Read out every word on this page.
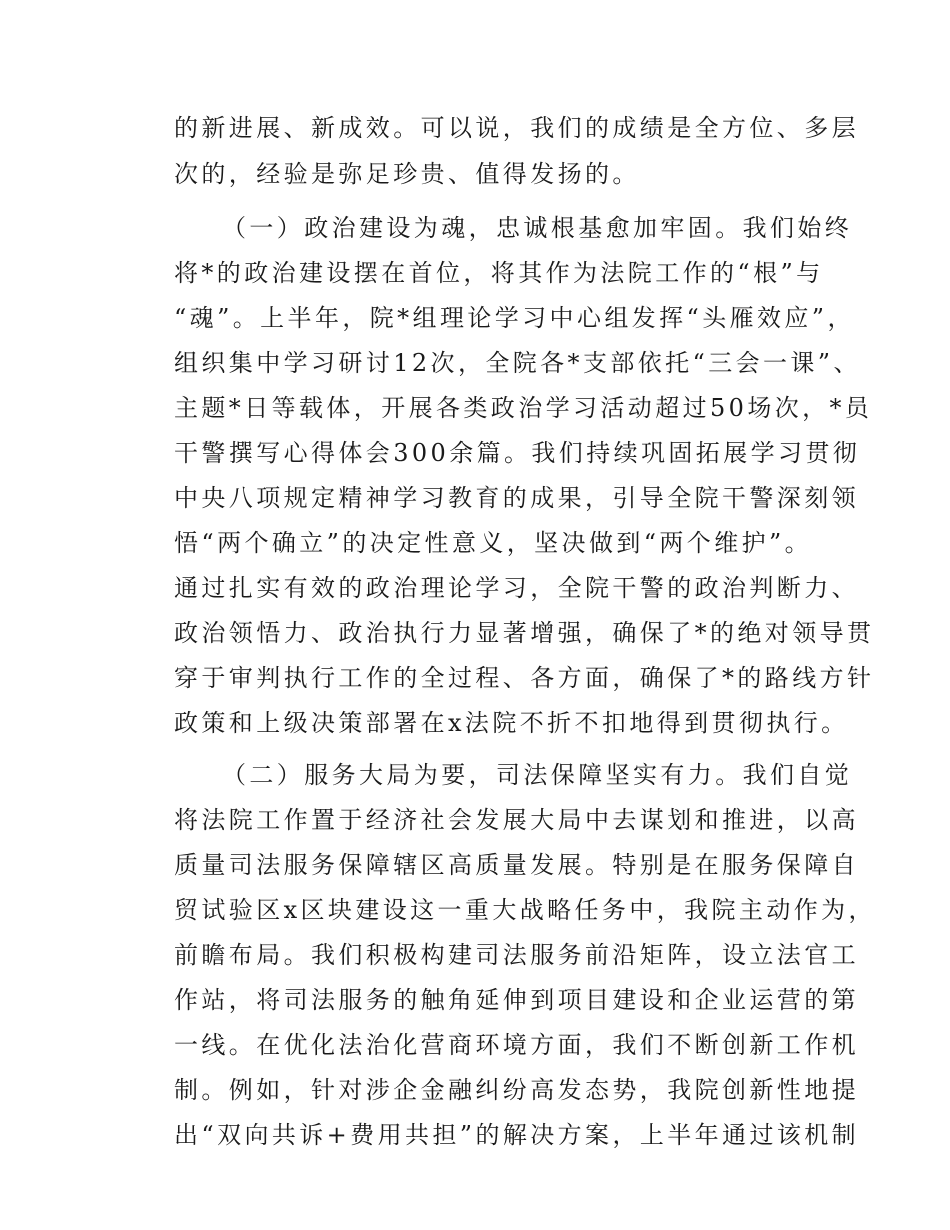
的新进展、新成效。可以说，我们的成绩是全方位、多层
次的，经验是弥足珍贵、值得发扬的。
（一）政治建设为魂，忠诚根基愈加牢固。我们始终
将*的政治建设摆在首位，将其作为法院工作的“根”与
“魂”。上半年，院*组理论学习中心组发挥“头雁效应”，
组织集中学习研讨12次，全院各*支部依托“三会一课”、
主题*日等载体，开展各类政治学习活动超过50场次，*员
干警撰写心得体会300余篇。我们持续巩固拓展学习贯彻
中央八项规定精神学习教育的成果，引导全院干警深刻领
悟“两个确立”的决定性意义，坚决做到“两个维护”。
通过扎实有效的政治理论学习，全院干警的政治判断力、
政治领悟力、政治执行力显著增强，确保了*的绝对领导贯
穿于审判执行工作的全过程、各方面，确保了*的路线方针
政策和上级决策部署在x法院不折不扣地得到贯彻执行。
（二）服务大局为要，司法保障坚实有力。我们自觉
将法院工作置于经济社会发展大局中去谋划和推进，以高
质量司法服务保障辖区高质量发展。特别是在服务保障自
贸试验区x区块建设这一重大战略任务中，我院主动作为，
前瞻布局。我们积极构建司法服务前沿矩阵，设立法官工
作站，将司法服务的触角延伸到项目建设和企业运营的第
一线。在优化法治化营商环境方面，我们不断创新工作机
制。例如，针对涉企金融纠纷高发态势，我院创新性地提
出“双向共诉+费用共担”的解决方案，上半年通过该机制
